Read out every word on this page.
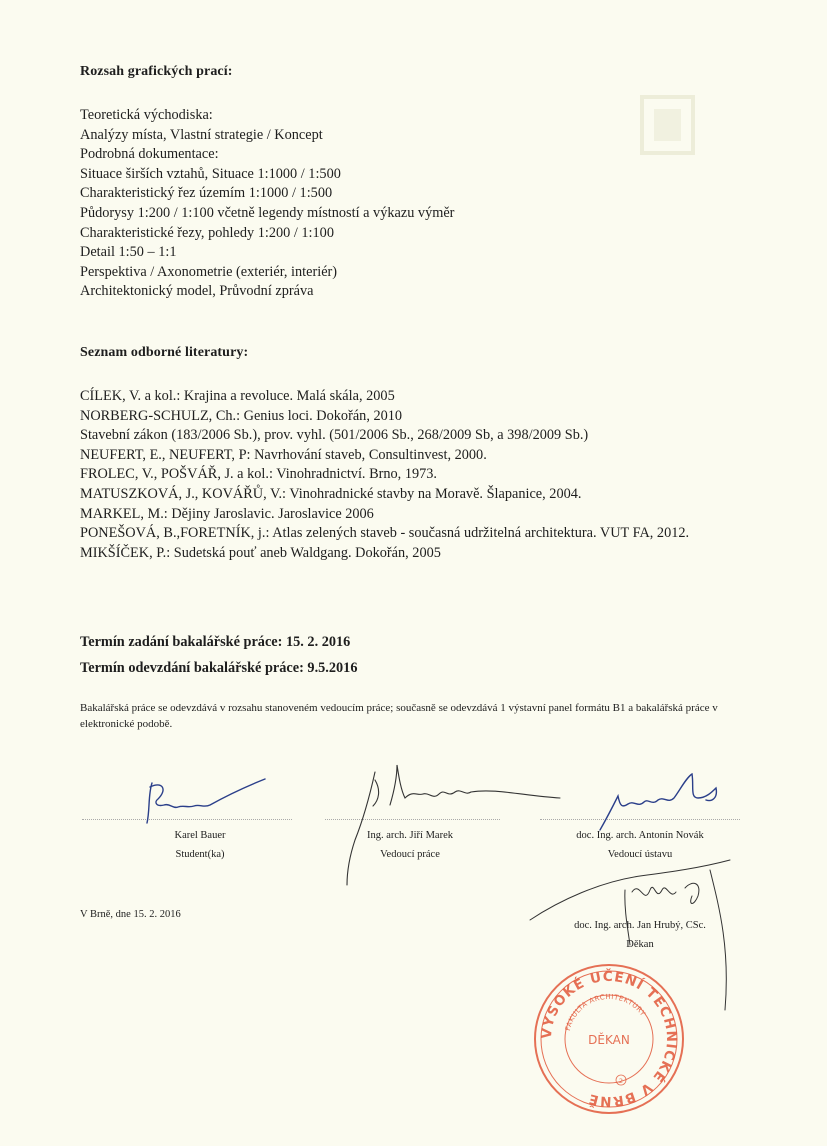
Rozsah grafických prací:
Teoretická východiska:
Analýzy místa, Vlastní strategie / Koncept
Podrobná dokumentace:
Situace širších vztahů, Situace 1:1000 / 1:500
Charakteristický řez územím 1:1000 / 1:500
Půdorysy 1:200 / 1:100 včetně legendy místností a výkazu výměr
Charakteristické řezy, pohledy 1:200 / 1:100
Detail 1:50 – 1:1
Perspektiva / Axonometrie (exteriér, interiér)
Architektonický model, Průvodní zpráva
Seznam odborné literatury:
CÍLEK, V. a kol.: Krajina a revoluce. Malá skála, 2005
NORBERG-SCHULZ, Ch.: Genius loci. Dokořán, 2010
Stavební zákon (183/2006 Sb.), prov. vyhl. (501/2006 Sb., 268/2009 Sb, a 398/2009 Sb.)
NEUFERT, E., NEUFERT, P: Navrhování staveb, Consultinvest, 2000.
FROLEC, V., POŠVÁŘ, J. a kol.: Vinohradnictví. Brno, 1973.
MATUSZKOVÁ, J., KOVÁŘŮ, V.: Vinohradnické stavby na Moravě. Šlapanice, 2004.
MARKEL, M.: Dějiny Jaroslavic. Jaroslavice 2006
PONEŠOVÁ, B.,FORETNÍK, j.: Atlas zelených staveb - současná udržitelná architektura. VUT FA, 2012.
MIKŠÍČEK, P.: Sudetská pouť aneb Waldgang. Dokořán, 2005
Termín zadání bakalářské práce: 15. 2. 2016
Termín odevzdání bakalářské práce: 9.5.2016

Bakalářská práce se odevzdává v rozsahu stanoveném vedoucím práce; současně se odevzdává 1 výstavní panel formátu B1 a bakalářská práce v elektronické podobě.

Karel Bauer
Student(ka)
Ing. arch. Jiří Marek
Vedoucí práce
doc. Ing. arch. Antonín Novák
Vedoucí ústavu
doc. Ing. arch. Jan Hrubý, CSc.
Děkan
V Brně, dne 15. 2. 2016
VYSOKÉ UČENÍ TECHNICKÉ V BRNĚ
FAKULTA ARCHITEKTURY
DĚKAN
2
